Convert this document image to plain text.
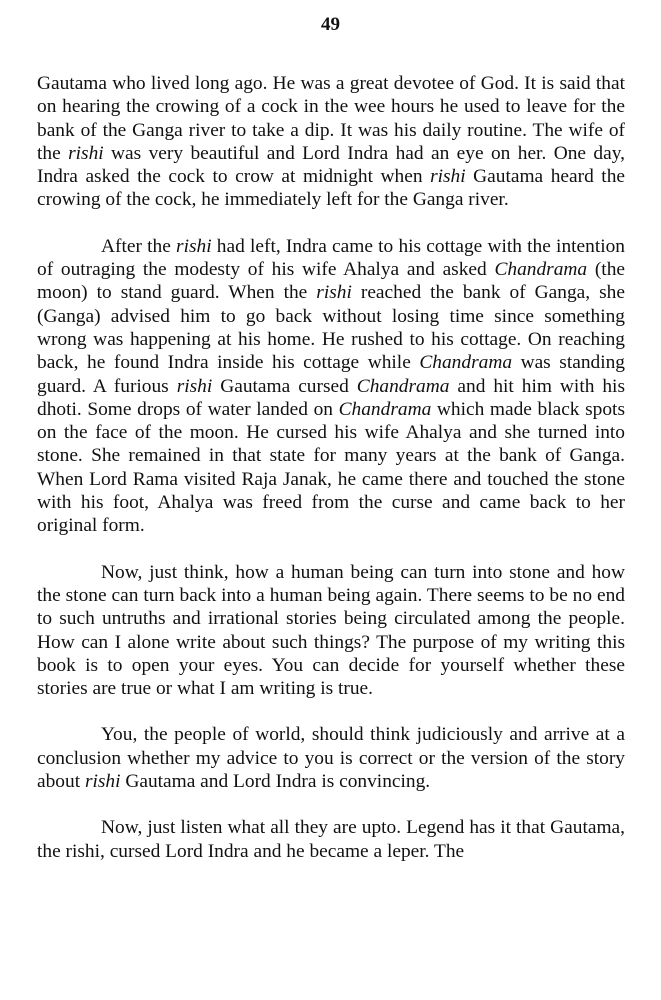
49

Gautama who lived long ago. He was a great devotee of God. It is said that on hearing the crowing of a cock in the wee hours he used to leave for the bank of the Ganga river to take a dip. It was his daily routine. The wife of the rishi was very beautiful and Lord Indra had an eye on her. One day, Indra asked the cock to crow at midnight when rishi Gautama heard the crowing of the cock, he immediately left for the Ganga river.

After the rishi had left, Indra came to his cottage with the intention of outraging the modesty of his wife Ahalya and asked Chandrama (the moon) to stand guard. When the rishi reached the bank of Ganga, she (Ganga) advised him to go back without losing time since something wrong was happening at his home. He rushed to his cottage. On reaching back, he found Indra inside his cottage while Chandrama was standing guard. A furious rishi Gautama cursed Chandrama and hit him with his dhoti. Some drops of water landed on Chandrama which made black spots on the face of the moon. He cursed his wife Ahalya and she turned into stone. She remained in that state for many years at the bank of Ganga. When Lord Rama visited Raja Janak, he came there and touched the stone with his foot, Ahalya was freed from the curse and came back to her original form.

Now, just think, how a human being can turn into stone and how the stone can turn back into a human being again. There seems to be no end to such untruths and irrational stories being circulated among the people. How can I alone write about such things? The purpose of my writing this book is to open your eyes. You can decide for yourself whether these stories are true or what I am writing is true.

You, the people of world, should think judiciously and arrive at a conclusion whether my advice to you is correct or the version of the story about rishi Gautama and Lord Indra is convincing.

Now, just listen what all they are upto. Legend has it that Gautama, the rishi, cursed Lord Indra and he became a leper. The
